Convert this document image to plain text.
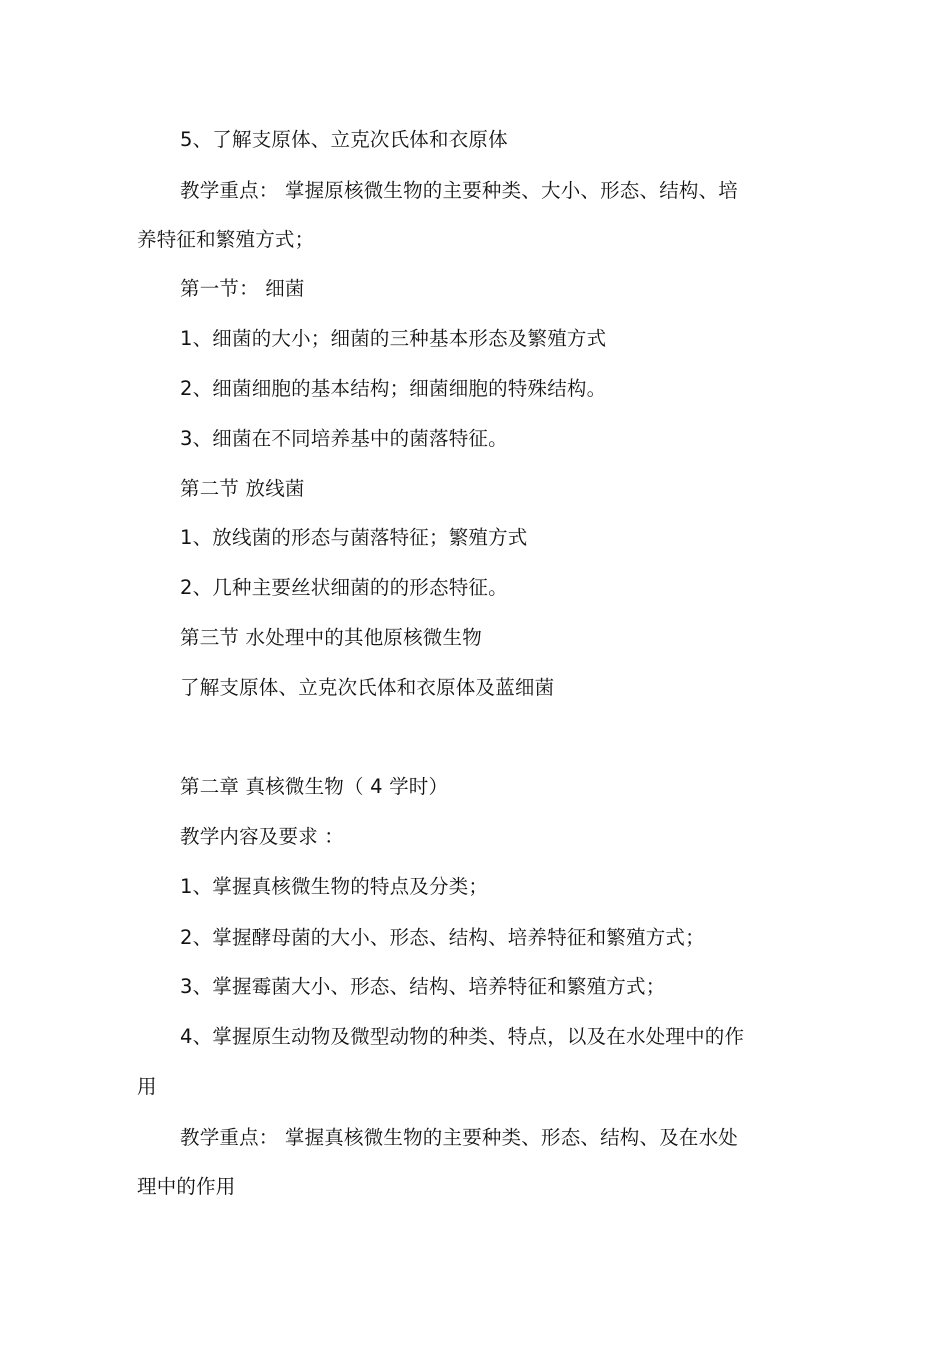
5、了解支原体、立克次氏体和衣原体
教学重点： 掌握原核微生物的主要种类、大小、形态、结构、培
养特征和繁殖方式；
第一节： 细菌
1、细菌的大小；细菌的三种基本形态及繁殖方式
2、细菌细胞的基本结构；细菌细胞的特殊结构。
3、细菌在不同培养基中的菌落特征。
第二节 放线菌
1、放线菌的形态与菌落特征；繁殖方式
2、几种主要丝状细菌的的形态特征。
第三节 水处理中的其他原核微生物
了解支原体、立克次氏体和衣原体及蓝细菌
第二章 真核微生物（ 4 学时）
教学内容及要求 ：
1、掌握真核微生物的特点及分类；
2、掌握酵母菌的大小、形态、结构、培养特征和繁殖方式；
3、掌握霉菌大小、形态、结构、培养特征和繁殖方式；
4、掌握原生动物及微型动物的种类、特点，以及在水处理中的作
用
教学重点： 掌握真核微生物的主要种类、形态、结构、及在水处
理中的作用
